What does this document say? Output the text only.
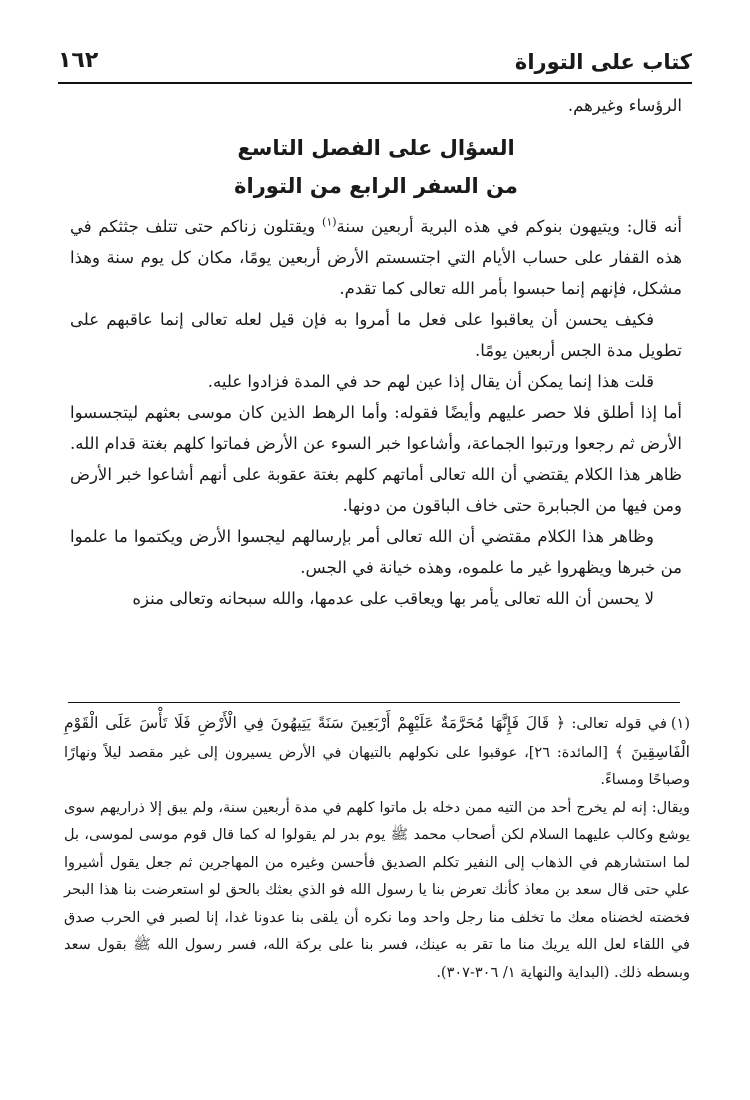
كتاب على التوراة
١٦٢

الرؤساء وغيرهم.

السؤال على الفصل التاسع
من السفر الرابع من التوراة

أنه قال: ويتيهون بنوكم في هذه البرية أربعين سنة$^{(١)}$ ويقتلون زناكم حتى تتلف جثثكم في هذه القفار على حساب الأيام التي اجتسستم الأرض أربعين يومًا، مكان كل يوم سنة وهذا مشكل، فإنهم إنما حبسوا بأمر الله تعالى كما تقدم.

فكيف يحسن أن يعاقبوا على فعل ما أمروا به فإن قيل لعله تعالى إنما عاقبهم على تطويل مدة الجس أربعين يومًا.

قلت هذا إنما يمكن أن يقال إذا عين لهم حد في المدة فزادوا عليه.

أما إذا أطلق فلا حصر عليهم وأيضًا فقوله: وأما الرهط الذين كان موسى بعثهم ليتجسسوا الأرض ثم رجعوا ورتبوا الجماعة، وأشاعوا خبر السوء عن الأرض فماتوا كلهم بغتة قدام الله. ظاهر هذا الكلام يقتضي أن الله تعالى أماتهم كلهم بغتة عقوبة على أنهم أشاعوا خبر الأرض ومن فيها من الجبابرة حتى خاف الباقون من دونها.

وظاهر هذا الكلام مقتضي أن الله تعالى أمر بإرسالهم ليجسوا الأرض ويكتموا ما علموا من خبرها ويظهروا غير ما علموه، وهذه خيانة في الجس.

لا يحسن أن الله تعالى يأمر بها ويعاقب على عدمها، والله سبحانه وتعالى منزه

(١)في قوله تعالى: ﴿ قَالَ فَإِنَّهَا مُحَرَّمَةٌ عَلَيْهِمْ أَرْبَعِينَ سَنَةً يَتِيهُونَ فِي الْأَرْضِ فَلَا تَأْسَ عَلَى الْقَوْمِ الْفَاسِقِينَ ﴾ [المائدة: ٢٦]، عوقبوا على نكولهم بالتيهان في الأرض يسيرون إلى غير مقصد ليلاً ونهارًا وصباحًا ومساءً.

ويقال: إنه لم يخرج أحد من التيه ممن دخله بل ماتوا كلهم في مدة أربعين سنة، ولم يبق إلا ذراريهم سوى يوشع وكالب عليهما السلام لكن أصحاب محمد ﷺ يوم بدر لم يقولوا له كما قال قوم موسى لموسى، بل لما استشارهم في الذهاب إلى النفير تكلم الصديق فأحسن وغيره من المهاجرين ثم جعل يقول أشيروا علي حتى قال سعد بن معاذ كأنك تعرض بنا يا رسول الله فو الذي بعثك بالحق لو استعرضت بنا هذا البحر فخضته لخضناه معك ما تخلف منا رجل واحد وما نكره أن يلقى بنا عدونا غدا، إنا لصبر في الحرب صدق في اللقاء لعل الله يريك منا ما تقر به عينك، فسر بنا على بركة الله، فسر رسول الله ﷺ بقول سعد وبسطه ذلك. (البداية والنهاية ١/ ٣٠٦-٣٠٧).
